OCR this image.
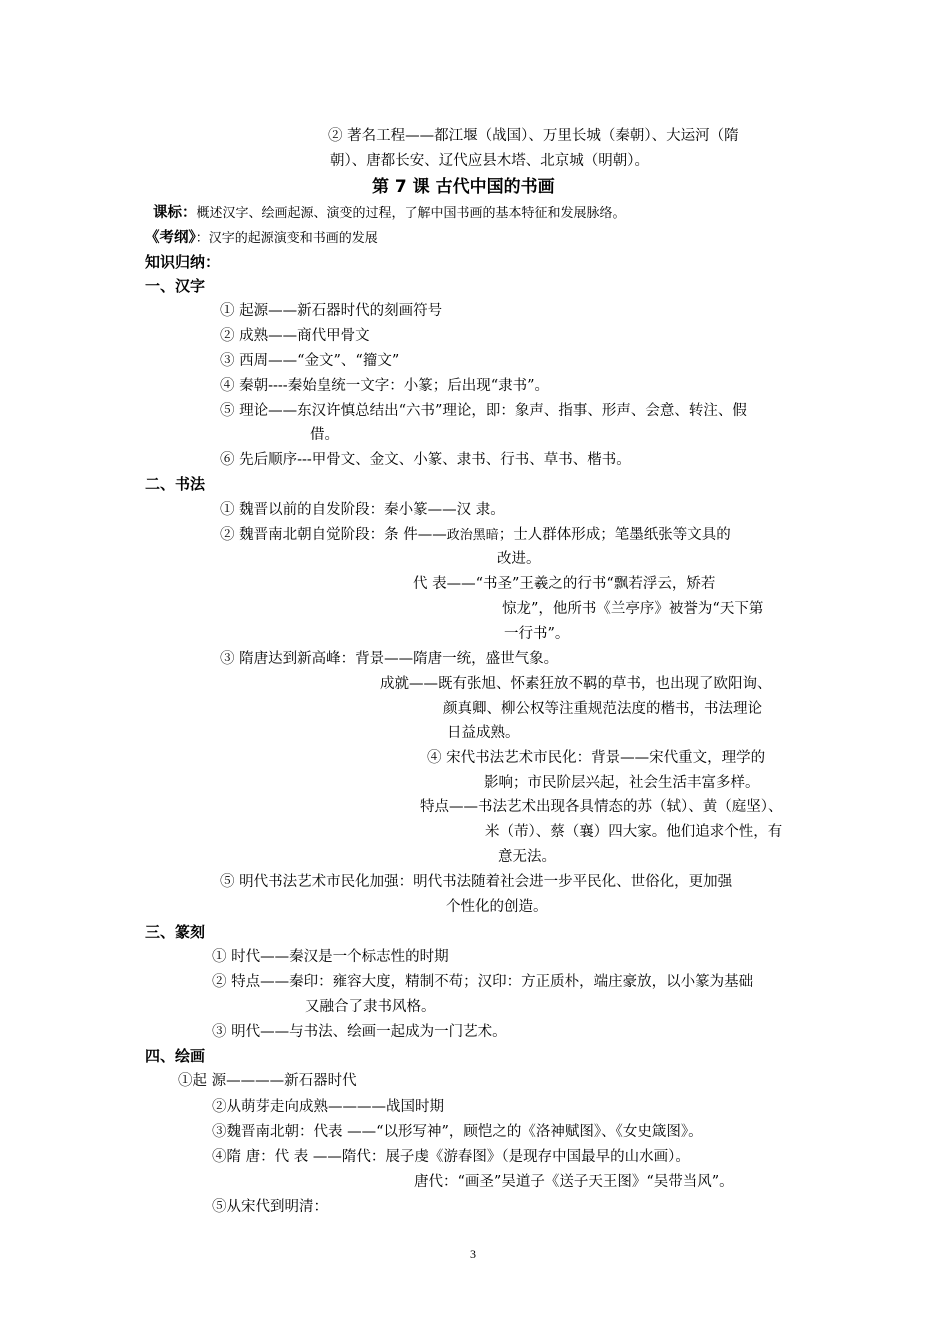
② 著名工程——都江堰（战国）、万里长城（秦朝）、大运河（隋
朝）、唐都长安、辽代应县木塔、北京城（明朝）。
第 7 课 古代中国的书画
课标：概述汉字、绘画起源、演变的过程，了解中国书画的基本特征和发展脉络。
《考纲》：汉字的起源演变和书画的发展
知识归纳：
一、汉字
① 起源——新石器时代的刻画符号
② 成熟——商代甲骨文
③ 西周——“金文”、“籀文”
④ 秦朝----秦始皇统一文字：小篆；后出现“隶书”。
⑤ 理论——东汉许慎总结出“六书”理论，即：象声、指事、形声、会意、转注、假
借。
⑥ 先后顺序---甲骨文、金文、小篆、隶书、行书、草书、楷书。
二、书法
① 魏晋以前的自发阶段：秦小篆——汉 隶。
② 魏晋南北朝自觉阶段：条 件——政治黑暗；士人群体形成；笔墨纸张等文具的
改进。
代 表——“书圣”王羲之的行书“飘若浮云，矫若
惊龙”，他所书《兰亭序》被誉为“天下第
一行书”。
③ 隋唐达到新高峰：背景——隋唐一统，盛世气象。
成就——既有张旭、怀素狂放不羁的草书，也出现了欧阳询、
颜真卿、柳公权等注重规范法度的楷书，书法理论
日益成熟。
④ 宋代书法艺术市民化：背景——宋代重文，理学的
影响；市民阶层兴起，社会生活丰富多样。
特点——书法艺术出现各具情态的苏（轼）、黄（庭坚）、
米（芾）、蔡（襄）四大家。他们追求个性，有
意无法。
⑤ 明代书法艺术市民化加强：明代书法随着社会进一步平民化、世俗化，更加强
个性化的创造。
三、篆刻
① 时代——秦汉是一个标志性的时期
② 特点——秦印：雍容大度，精制不苟；汉印：方正质朴，端庄豪放，以小篆为基础
又融合了隶书风格。
③ 明代——与书法、绘画一起成为一门艺术。
四、绘画
①起 源————新石器时代
②从萌芽走向成熟————战国时期
③魏晋南北朝：代表 ——“以形写神”，顾恺之的《洛神赋图》、《女史箴图》。
④隋 唐：代 表 ——隋代：展子虔《游春图》（是现存中国最早的山水画）。
唐代：“画圣”吴道子《送子天王图》“吴带当风”。
⑤从宋代到明清：
3
